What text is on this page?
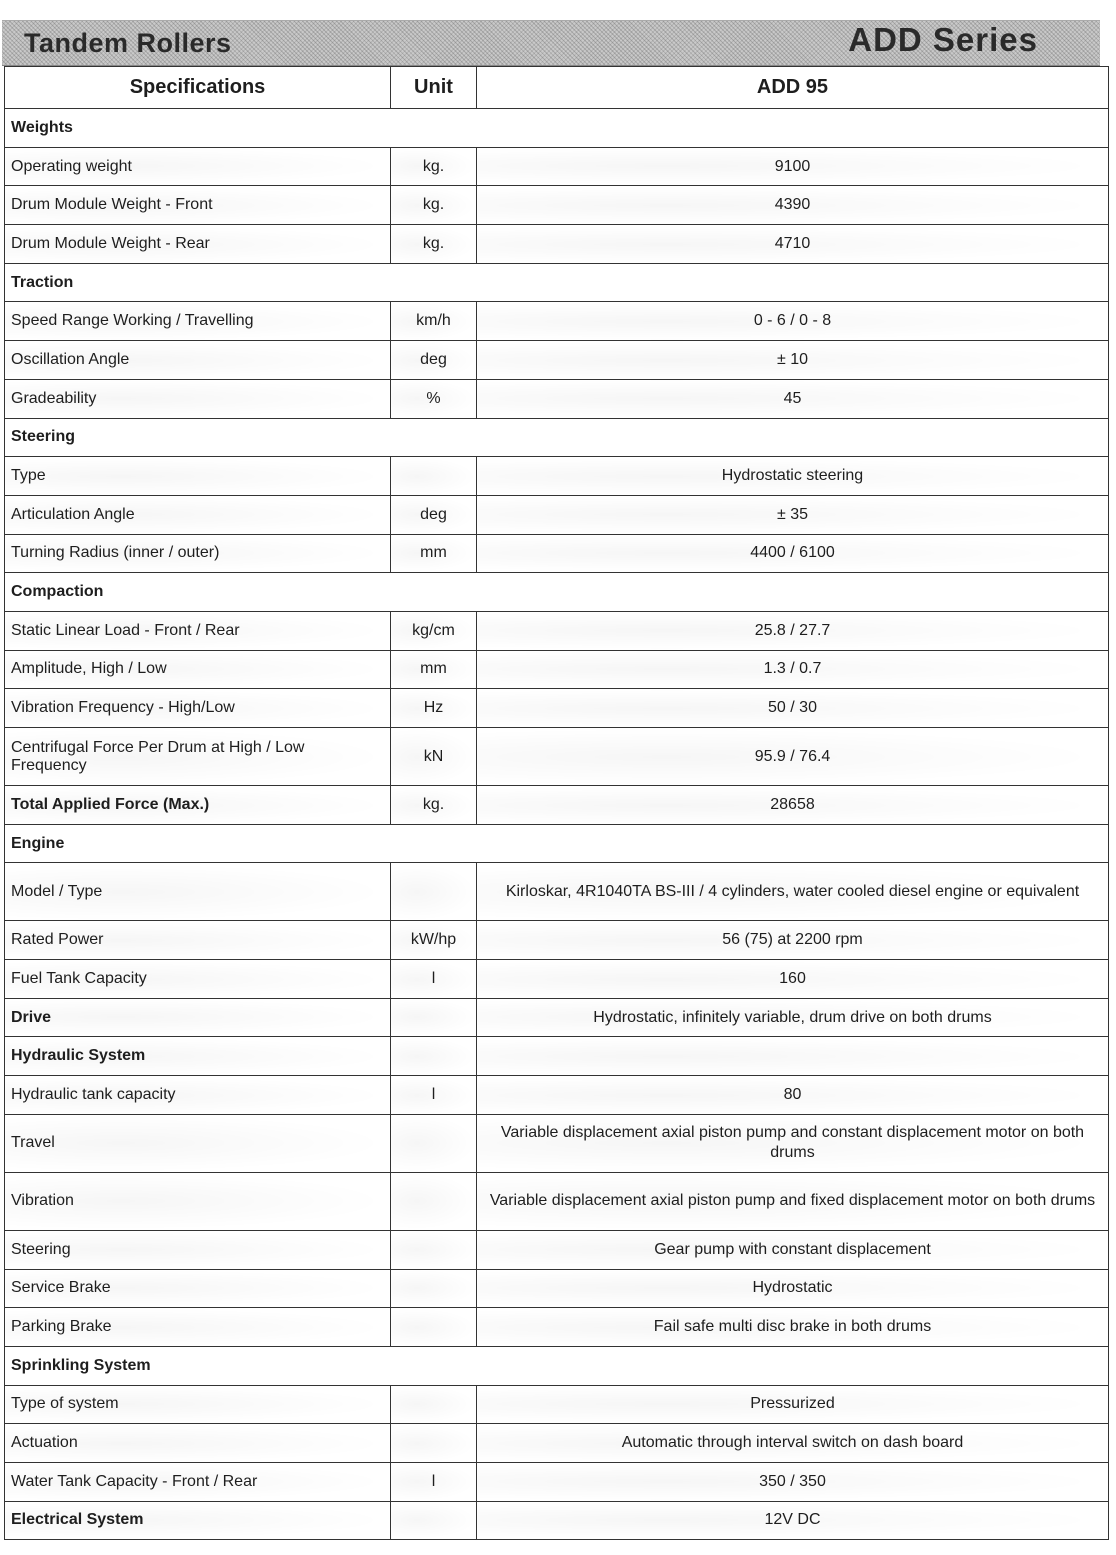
Tandem Rollers	ADD Series
Specifications	Unit	ADD 95
Weights		
Operating weight	kg.	9100
Drum Module Weight - Front	kg.	4390
Drum Module Weight - Rear	kg.	4710
Traction		
Speed Range Working / Travelling	km/h	0 - 6 / 0 - 8
Oscillation Angle	deg	± 10
Gradeability	%	45
Steering		
Type		Hydrostatic steering
Articulation Angle	deg	± 35
Turning Radius (inner / outer)	mm	4400 / 6100
Compaction		
Static Linear Load - Front / Rear	kg/cm	25.8 / 27.7
Amplitude, High / Low	mm	1.3 / 0.7
Vibration Frequency - High/Low	Hz	50 / 30
Centrifugal Force Per Drum at High / Low Frequency	kN	95.9 / 76.4
Total Applied Force (Max.)	kg.	28658
Engine		
Model / Type		Kirloskar, 4R1040TA BS-III / 4 cylinders, water cooled diesel engine or equivalent
Rated Power	kW/hp	56 (75) at 2200 rpm
Fuel Tank Capacity	l	160
Drive		Hydrostatic, infinitely variable, drum drive on both drums
Hydraulic System		
Hydraulic tank capacity	l	80
Travel		Variable displacement axial piston pump and constant displacement motor on both drums
Vibration		Variable displacement axial piston pump and fixed displacement motor on both drums
Steering		Gear pump with constant displacement
Service Brake		Hydrostatic
Parking Brake		Fail safe multi disc brake in both drums
Sprinkling System		
Type of system		Pressurized
Actuation		Automatic through interval switch on dash board
Water Tank Capacity - Front / Rear	l	350 / 350
Electrical System		12V DC
